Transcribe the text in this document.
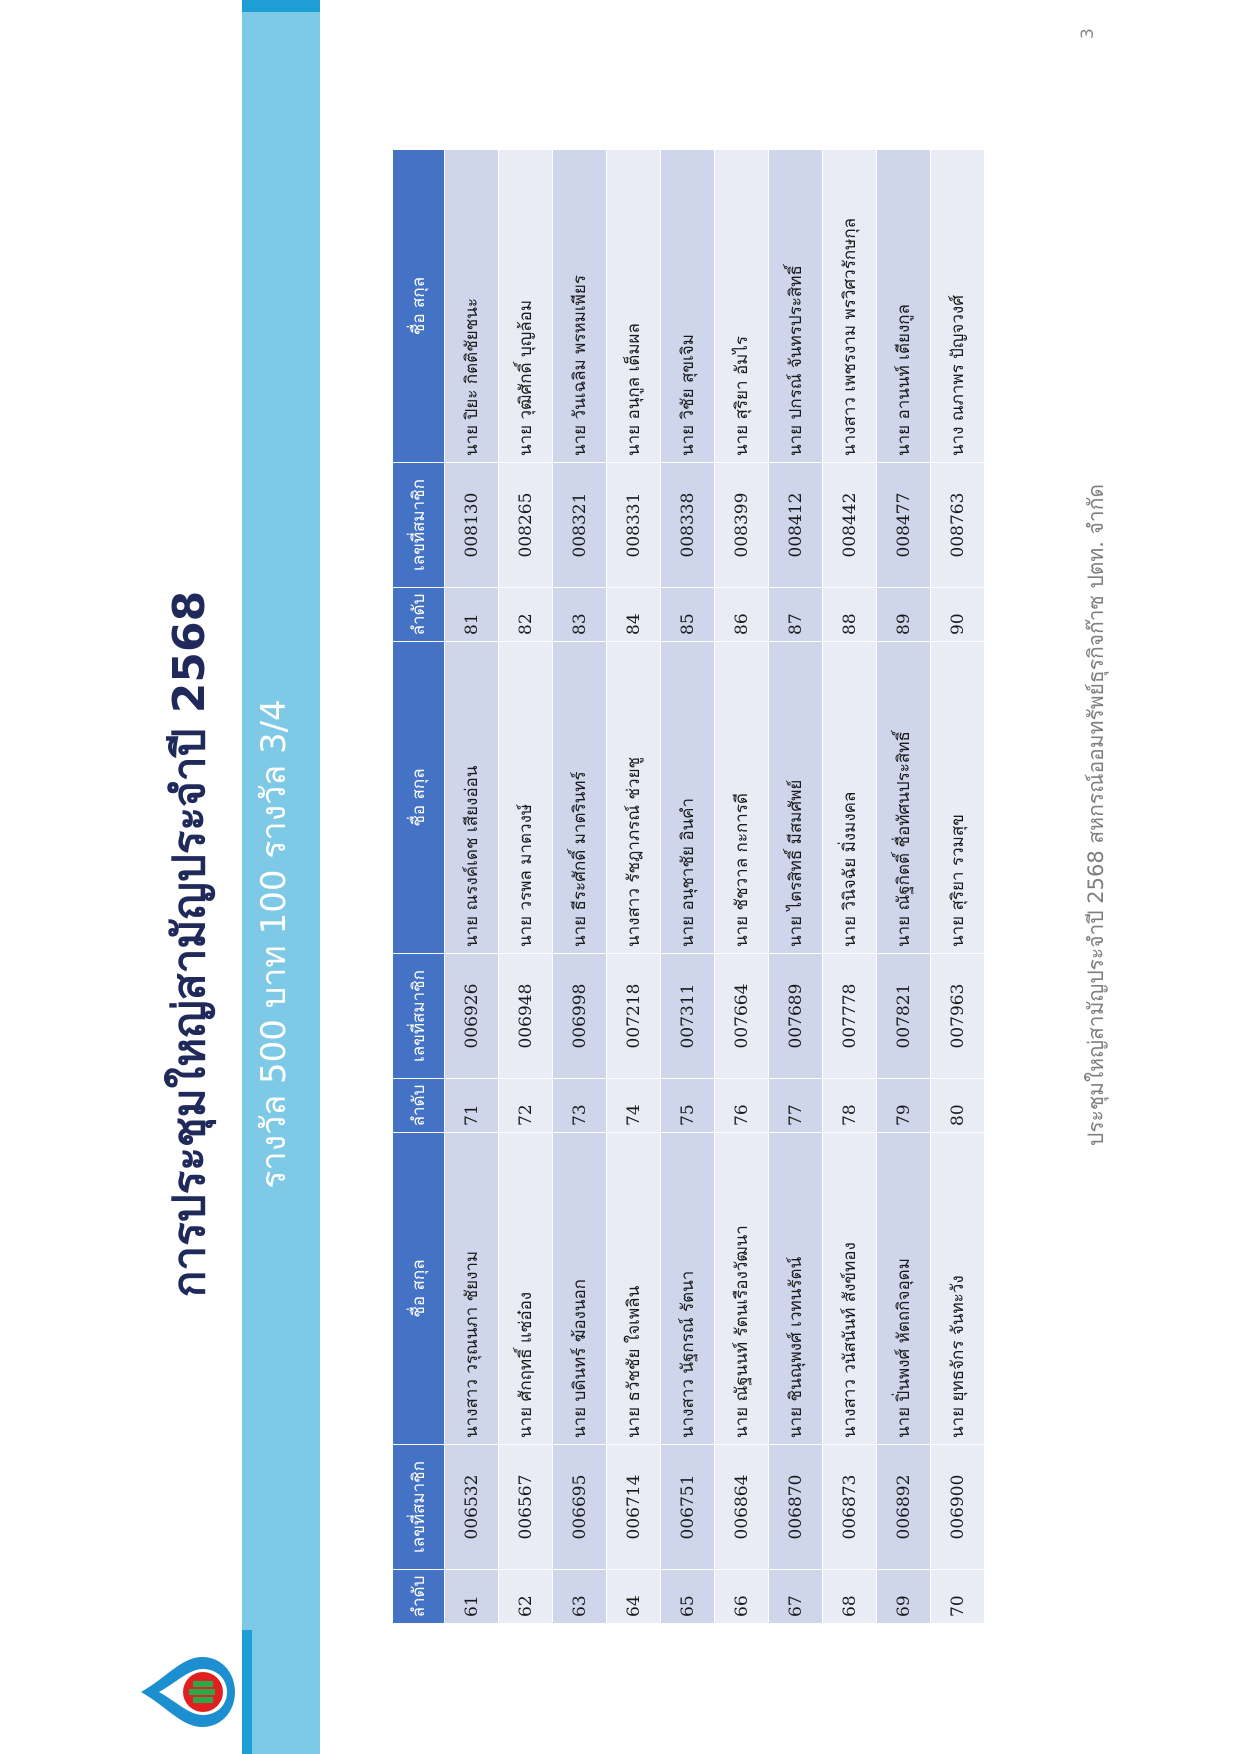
การประชุมใหญ่สามัญประจำปี 2568 รางวัล 500 บาท 100 รางวัล 3/4
ลำดับ	เลขที่สมาชิก	ชื่อ สกุล	ลำดับ	เลขที่สมาชิก	ชื่อ สกุล	ลำดับ	เลขที่สมาชิก	ชื่อ สกุล
61	006532	นางสาว วรุณนภา ชัยงาม	71	006926	นาย ณรงค์เดช เสียงอ่อน	81	008130	นาย ปิยะ กิตติชัยชนะ
62	006567	นาย ศักฤทธิ์ แซ่อ๋อง	72	006948	นาย วรพล มาตวงษ์	82	008265	นาย วุฒิศักดิ์ บุญล้อม
63	006695	นาย บดินทร์ ฆ้องนอก	73	006998	นาย ธีระศักดิ์ มาตรินทร์	83	008321	นาย วันเฉลิม พรหมเพียร
64	006714	นาย ธวัชชัย ใจเพลิน	74	007218	นางสาว รัชฎาภรณ์ ช่วยชู	84	008331	นาย อนุกูล เต็มผล
65	006751	นางสาว นัฐกรณ์ รัตนา	75	007311	นาย อนุชาชัย อินคำ	85	008338	นาย วิชัย สุขเจิม
66	006864	นาย ณัฐนนท์ รัตนเรืองวัฒนา	76	007664	นาย ชัชวาล กะการดี	86	008399	นาย สุริยา อัมไร
67	006870	นาย ชินณุพงศ์ เวทนรัตน์	77	007689	นาย ไตรสิทธิ์ มีสมศัพย์	87	008412	นาย ปกรณ์ จันทรประสิทธิ์
68	006873	นางสาว วนัสนันท์ สังข์ทอง	78	007778	นาย วินิจฉัย มิ่งมงคล	88	008442	นางสาว เพชรงาม พรวิศวรักษกุล
69	006892	นาย ปิ่นพงศ์ หัตถกิจอุดม	79	007821	นาย ณัฐกิตติ์ ชื่อทัศนประสิทธิ์	89	008477	นาย อานนท์ เตียงกูล
70	006900	นาย ยุทธจักร จันทะวัง	80	007963	นาย สุริยา รวมสุข	90	008763	นาง ณภาพร ปัญจวงศ์
ประชุมใหญ่สามัญประจำปี 2568 สหกรณ์ออมทรัพย์ธุรกิจก๊าซ ปตท. จำกัด
3
